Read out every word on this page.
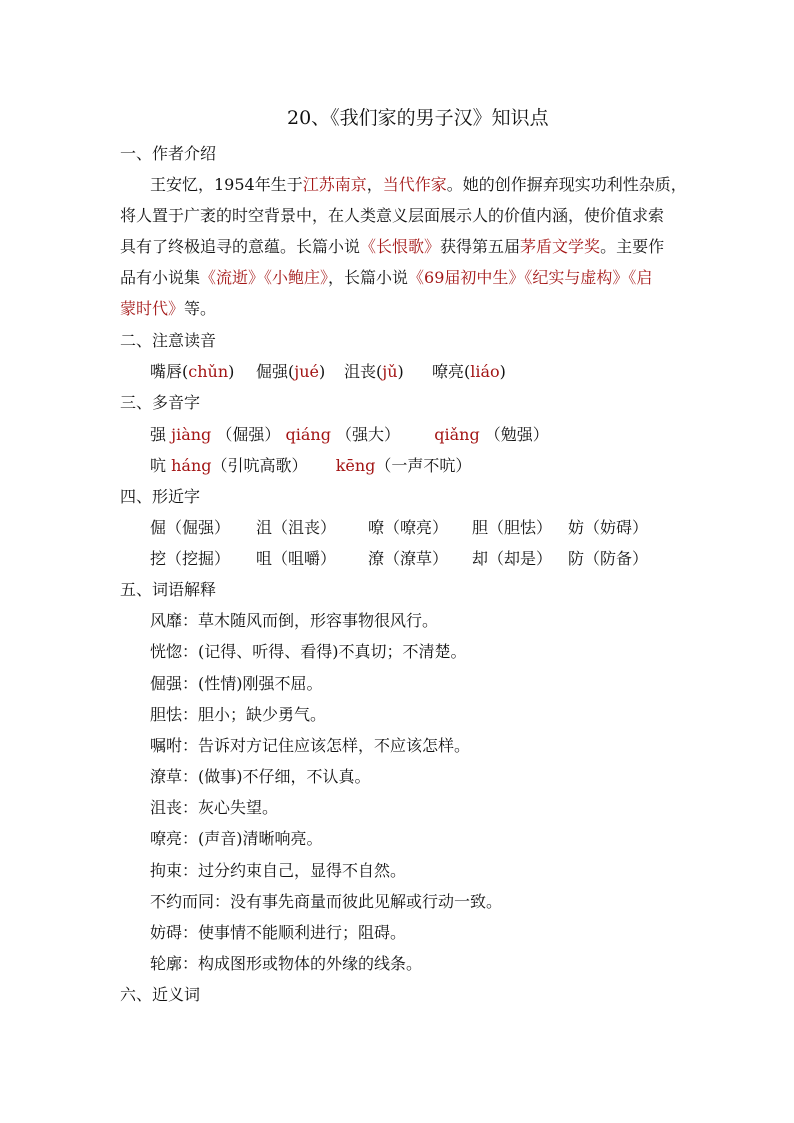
20、《我们家的男子汉》知识点
一、作者介绍
王安忆，1954年生于江苏南京，当代作家。她的创作摒弃现实功利性杂质，
将人置于广袤的时空背景中，在人类意义层面展示人的价值内涵，使价值求索
具有了终极追寻的意蕴。长篇小说《长恨歌》获得第五届茅盾文学奖。主要作
品有小说集《流逝》《小鲍庄》，长篇小说《69届初中生》《纪实与虚构》《启
蒙时代》等。
二、注意读音
嘴唇(chǔn) 倔强(jué) 沮丧(jǔ) 嘹亮(liáo)
三、多音字
强 jiàng （倔强） qiáng （强大） qiǎng （勉强）
吭 háng（引吭高歌） kēng（一声不吭）
四、形近字
倔（倔强） 沮（沮丧） 嘹（嘹亮） 胆（胆怯） 妨（妨碍）
挖（挖掘） 咀（咀嚼） 潦（潦草） 却（却是） 防（防备）
五、词语解释
风靡：草木随风而倒，形容事物很风行。
恍惚：(记得、听得、看得)不真切；不清楚。
倔强：(性情)刚强不屈。
胆怯：胆小；缺少勇气。
嘱咐：告诉对方记住应该怎样，不应该怎样。
潦草：(做事)不仔细，不认真。
沮丧：灰心失望。
嘹亮：(声音)清晰响亮。
拘束：过分约束自己，显得不自然。
不约而同：没有事先商量而彼此见解或行动一致。
妨碍：使事情不能顺利进行；阻碍。
轮廓：构成图形或物体的外缘的线条。
六、近义词
